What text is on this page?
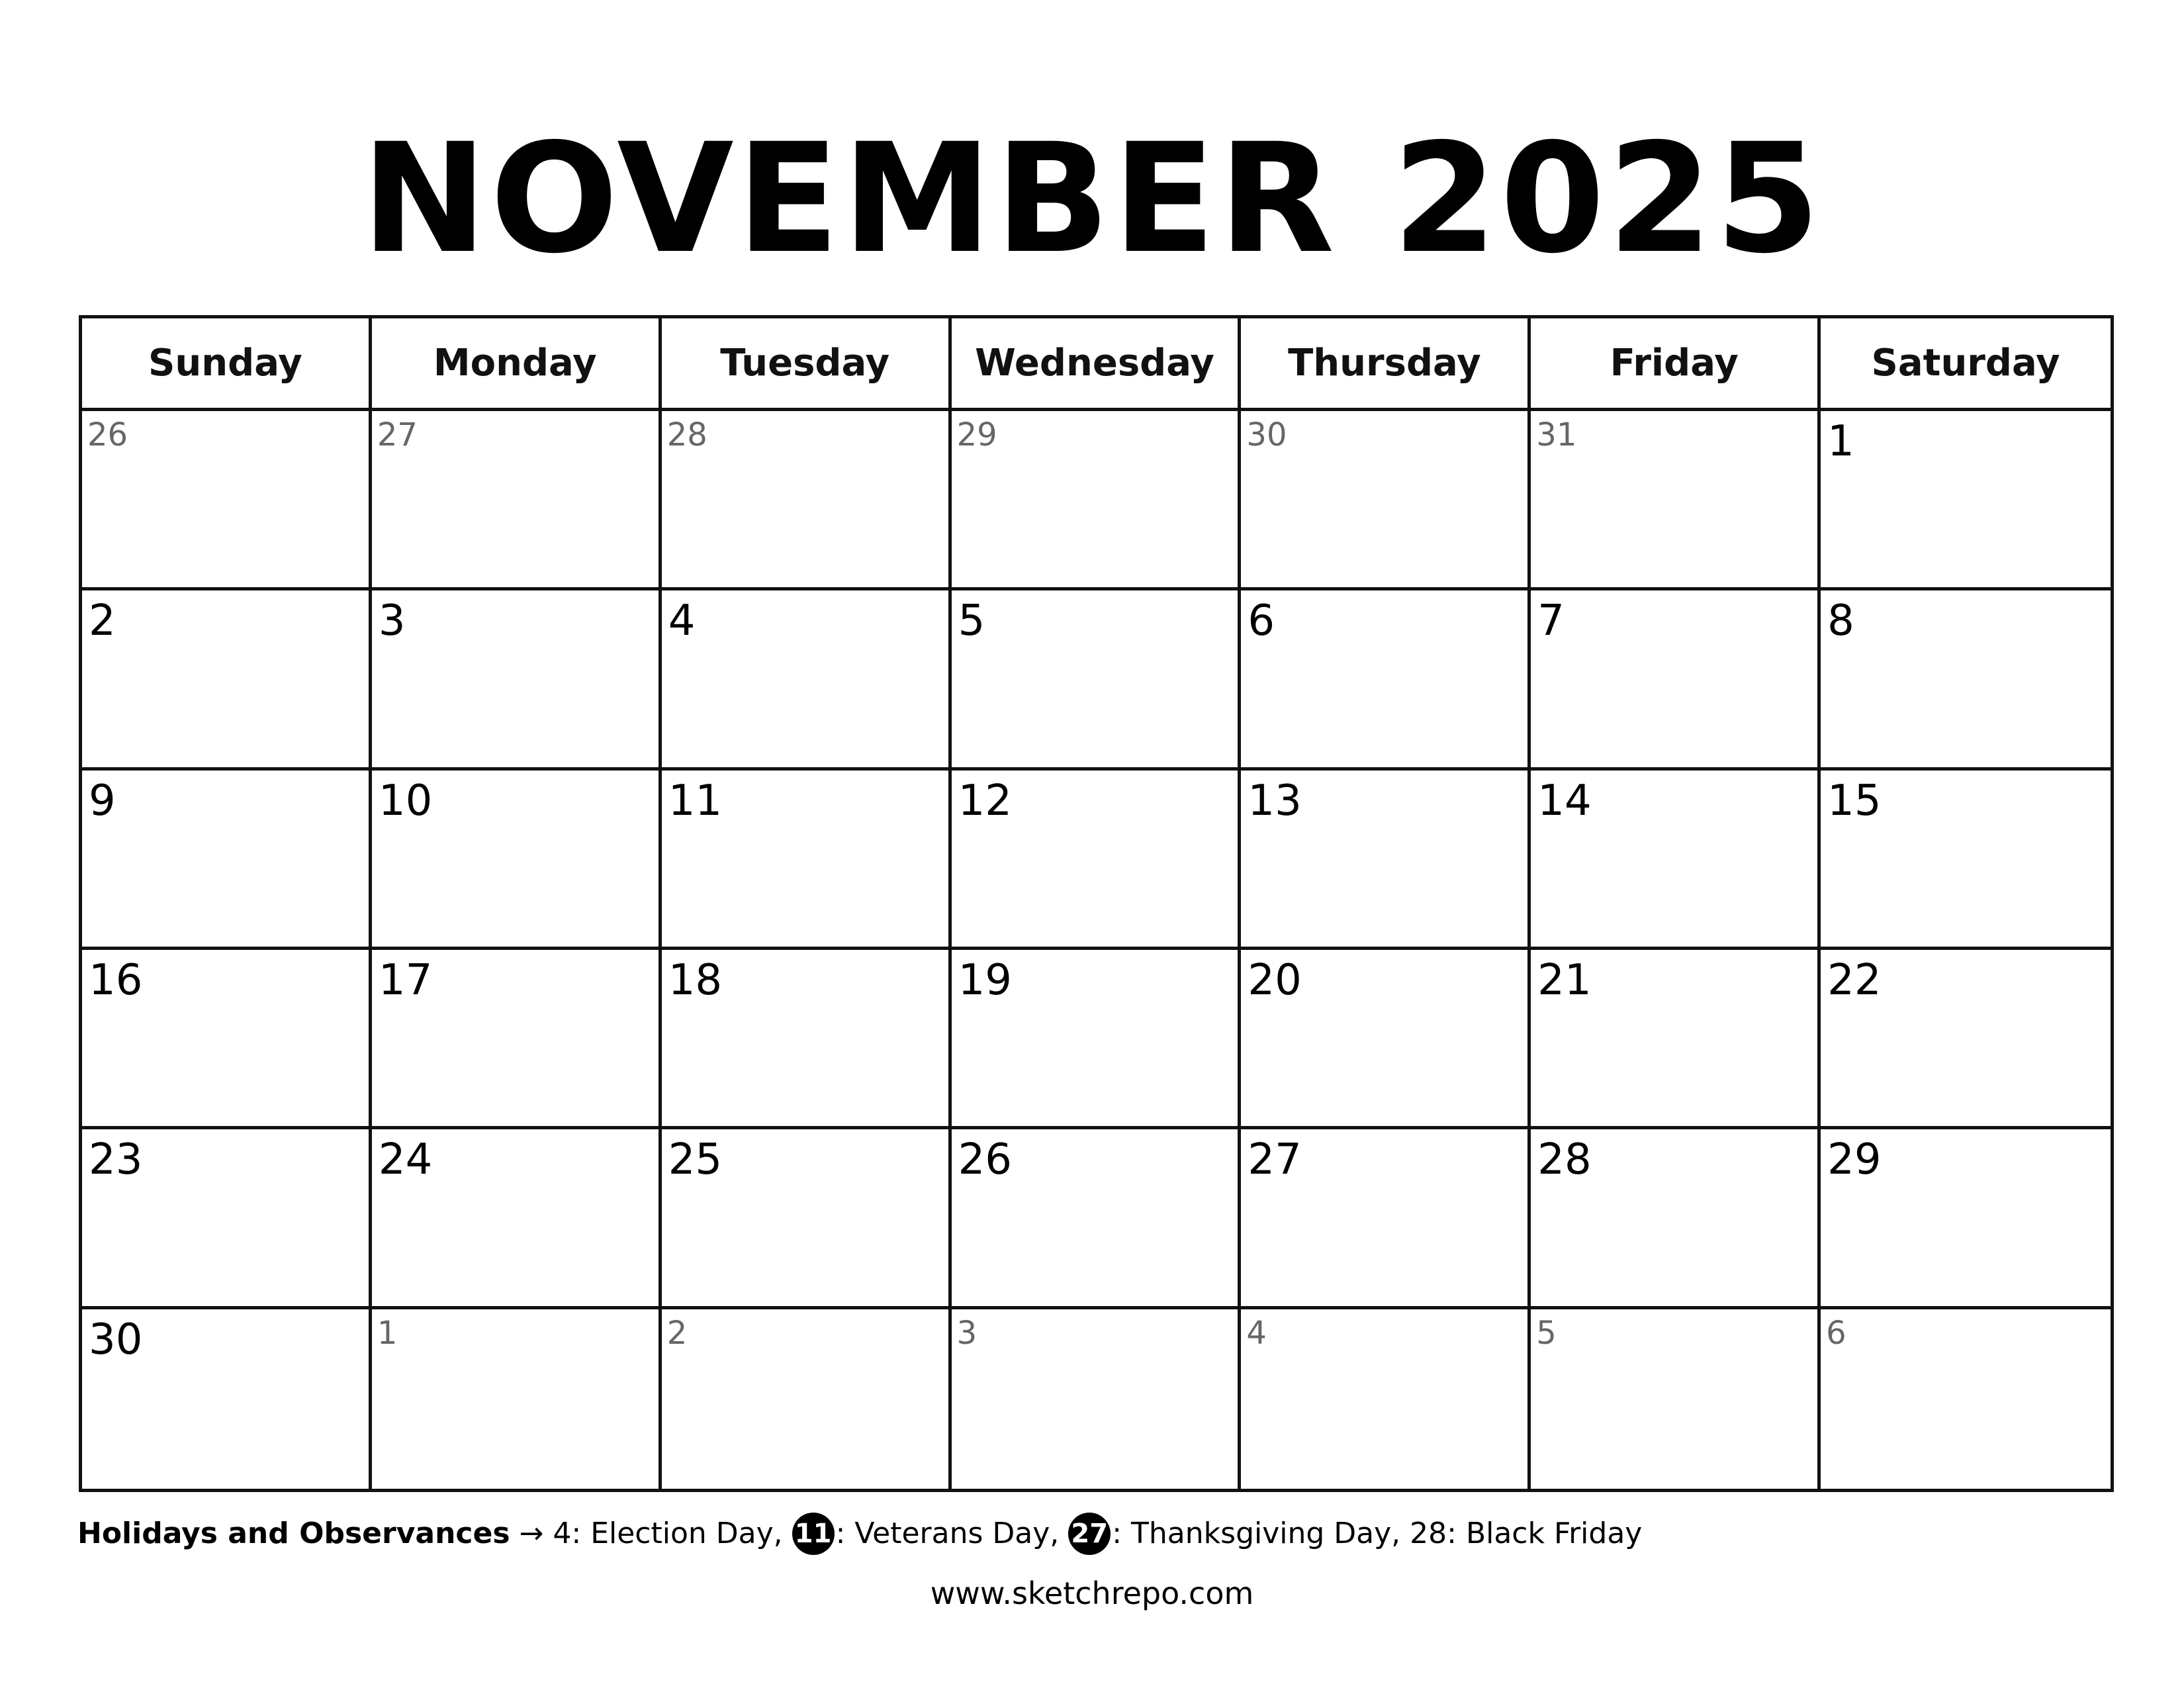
NOVEMBER 2025
Sunday	Monday	Tuesday	Wednesday	Thursday	Friday	Saturday
26	27	28	29	30	31	1
2	3	4	5	6	7	8
9	10	11	12	13	14	15
16	17	18	19	20	21	22
23	24	25	26	27	28	29
30	1	2	3	4	5	6
Holidays and Observances → 4: Election Day, 11 : Veterans Day, 27 : Thanksgiving Day, 28: Black Friday
www.sketchrepo.com
